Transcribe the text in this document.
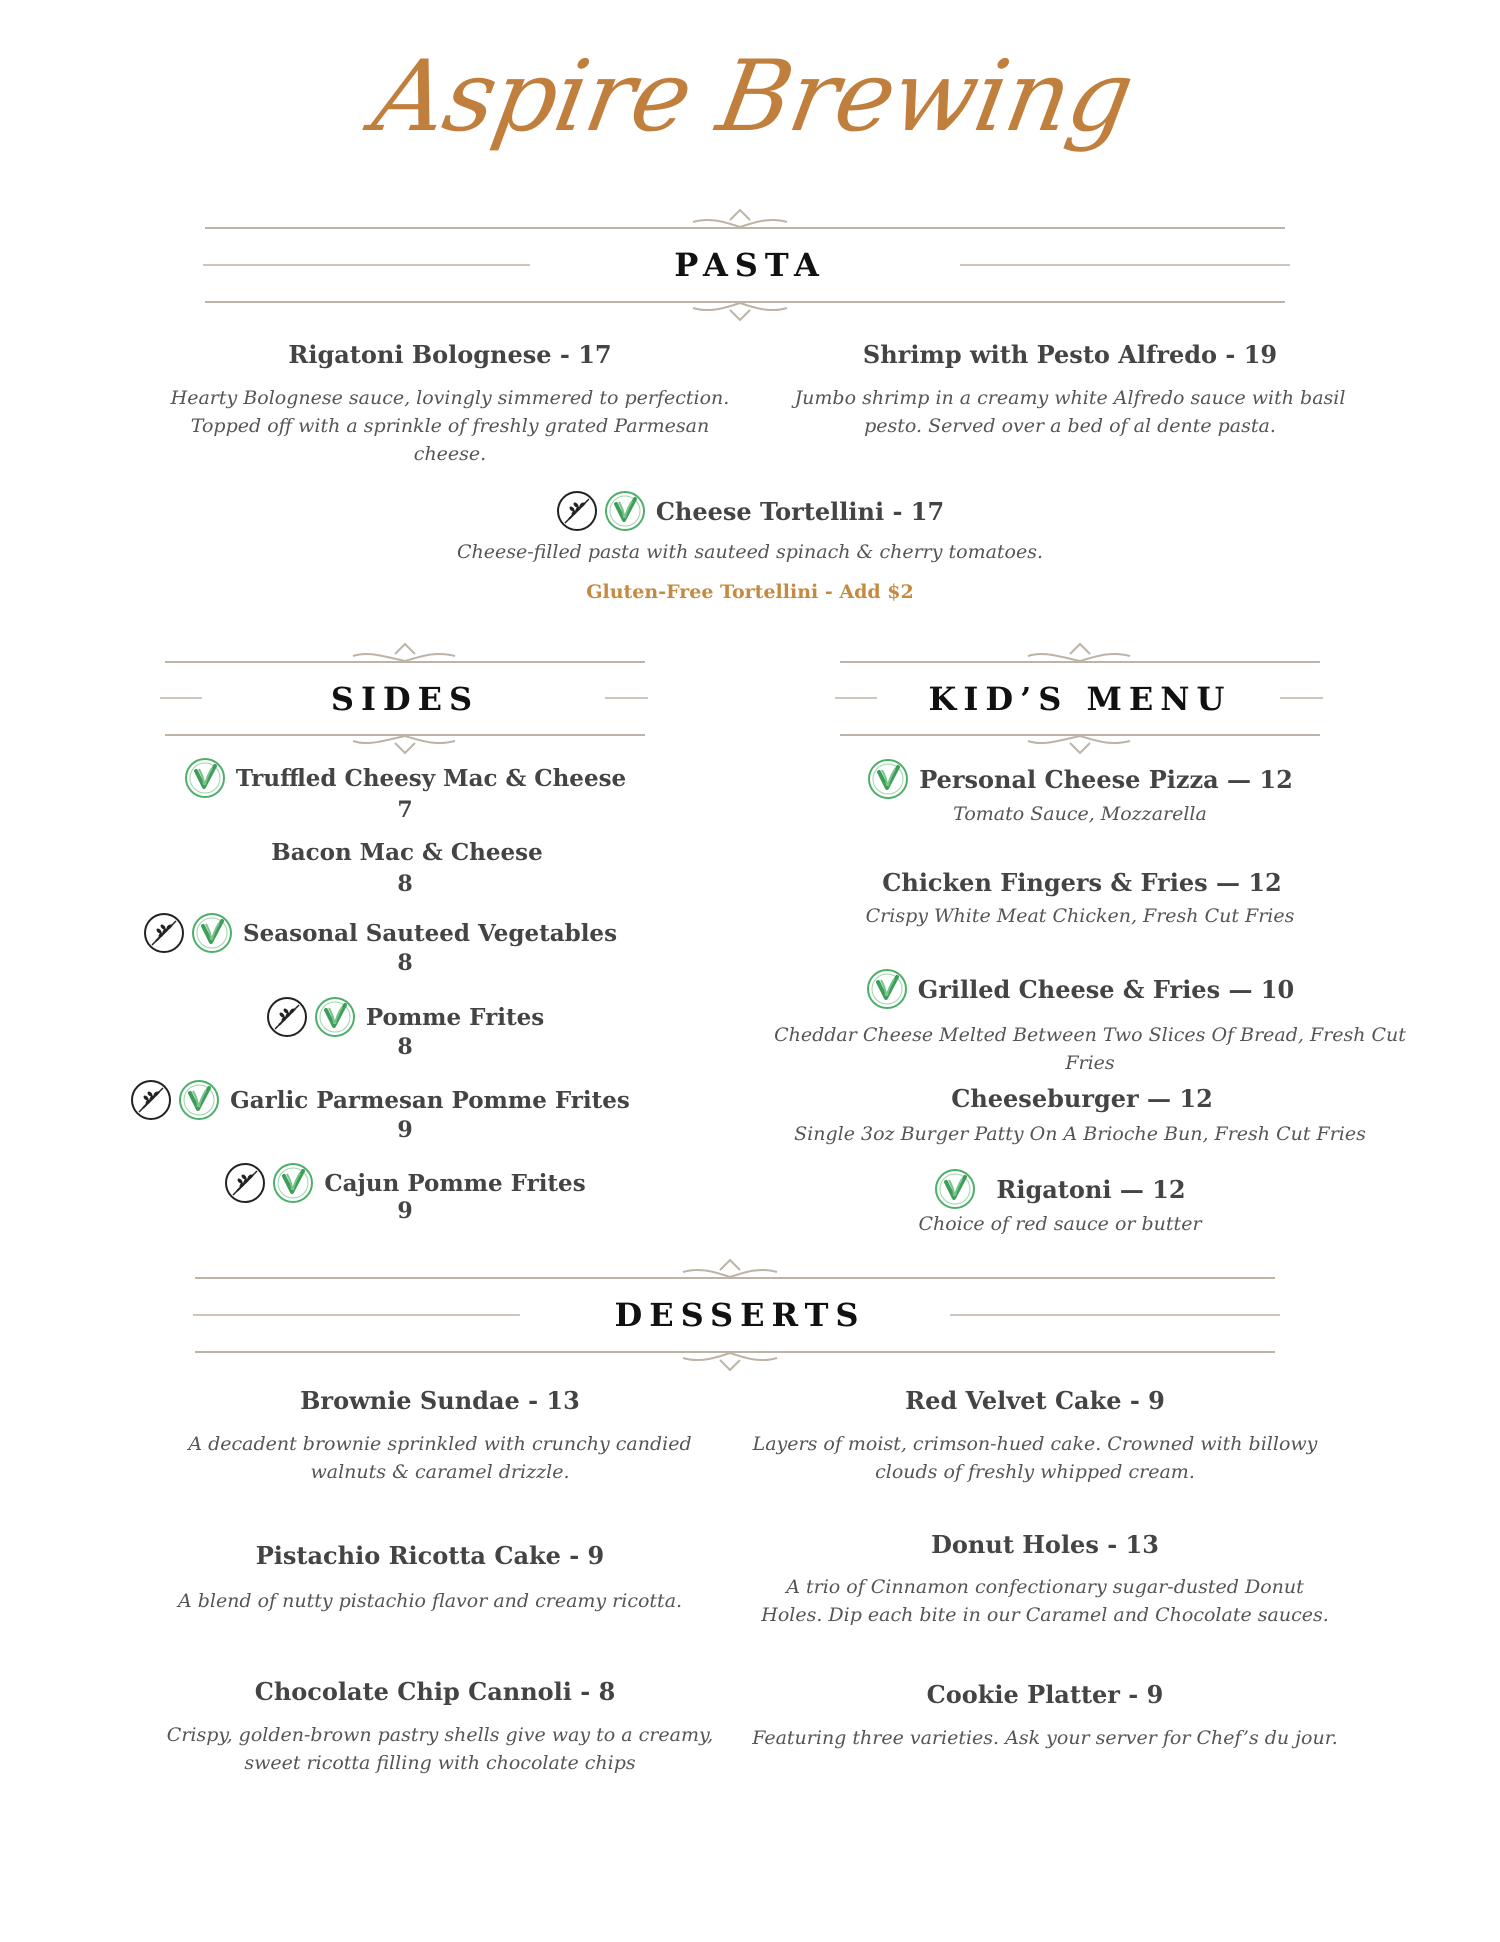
Aspire Brewing
PASTA
Rigatoni Bolognese - 17
Hearty Bolognese sauce, lovingly simmered to perfection. Topped off with a sprinkle of freshly grated Parmesan cheese.
Shrimp with Pesto Alfredo - 19
Jumbo shrimp in a creamy white Alfredo sauce with basil pesto. Served over a bed of al dente pasta.
Cheese Tortellini - 17
Cheese-filled pasta with sauteed spinach & cherry tomatoes.
Gluten-Free Tortellini - Add $2
SIDES	KID’S MENU
Truffled Cheesy Mac & Cheese
7
Bacon Mac & Cheese
8
Seasonal Sauteed Vegetables
8
Pomme Frites
8
Garlic Parmesan Pomme Frites
9
Cajun Pomme Frites
9
Personal Cheese Pizza — 12
Tomato Sauce, Mozzarella
Chicken Fingers & Fries — 12
Crispy White Meat Chicken, Fresh Cut Fries
Grilled Cheese & Fries — 10
Cheddar Cheese Melted Between Two Slices Of Bread, Fresh Cut Fries
Cheeseburger — 12
Single 3oz Burger Patty On A Brioche Bun, Fresh Cut Fries
Rigatoni — 12
Choice of red sauce or butter
DESSERTS
Brownie Sundae - 13
A decadent brownie sprinkled with crunchy candied walnuts & caramel drizzle.
Red Velvet Cake - 9
Layers of moist, crimson-hued cake. Crowned with billowy clouds of freshly whipped cream.
Pistachio Ricotta Cake - 9
A blend of nutty pistachio flavor and creamy ricotta.
Donut Holes - 13
A trio of Cinnamon confectionary sugar-dusted Donut Holes. Dip each bite in our Caramel and Chocolate sauces.
Chocolate Chip Cannoli - 8
Crispy, golden-brown pastry shells give way to a creamy, sweet ricotta filling with chocolate chips
Cookie Platter - 9
Featuring three varieties. Ask your server for Chef’s du jour.
